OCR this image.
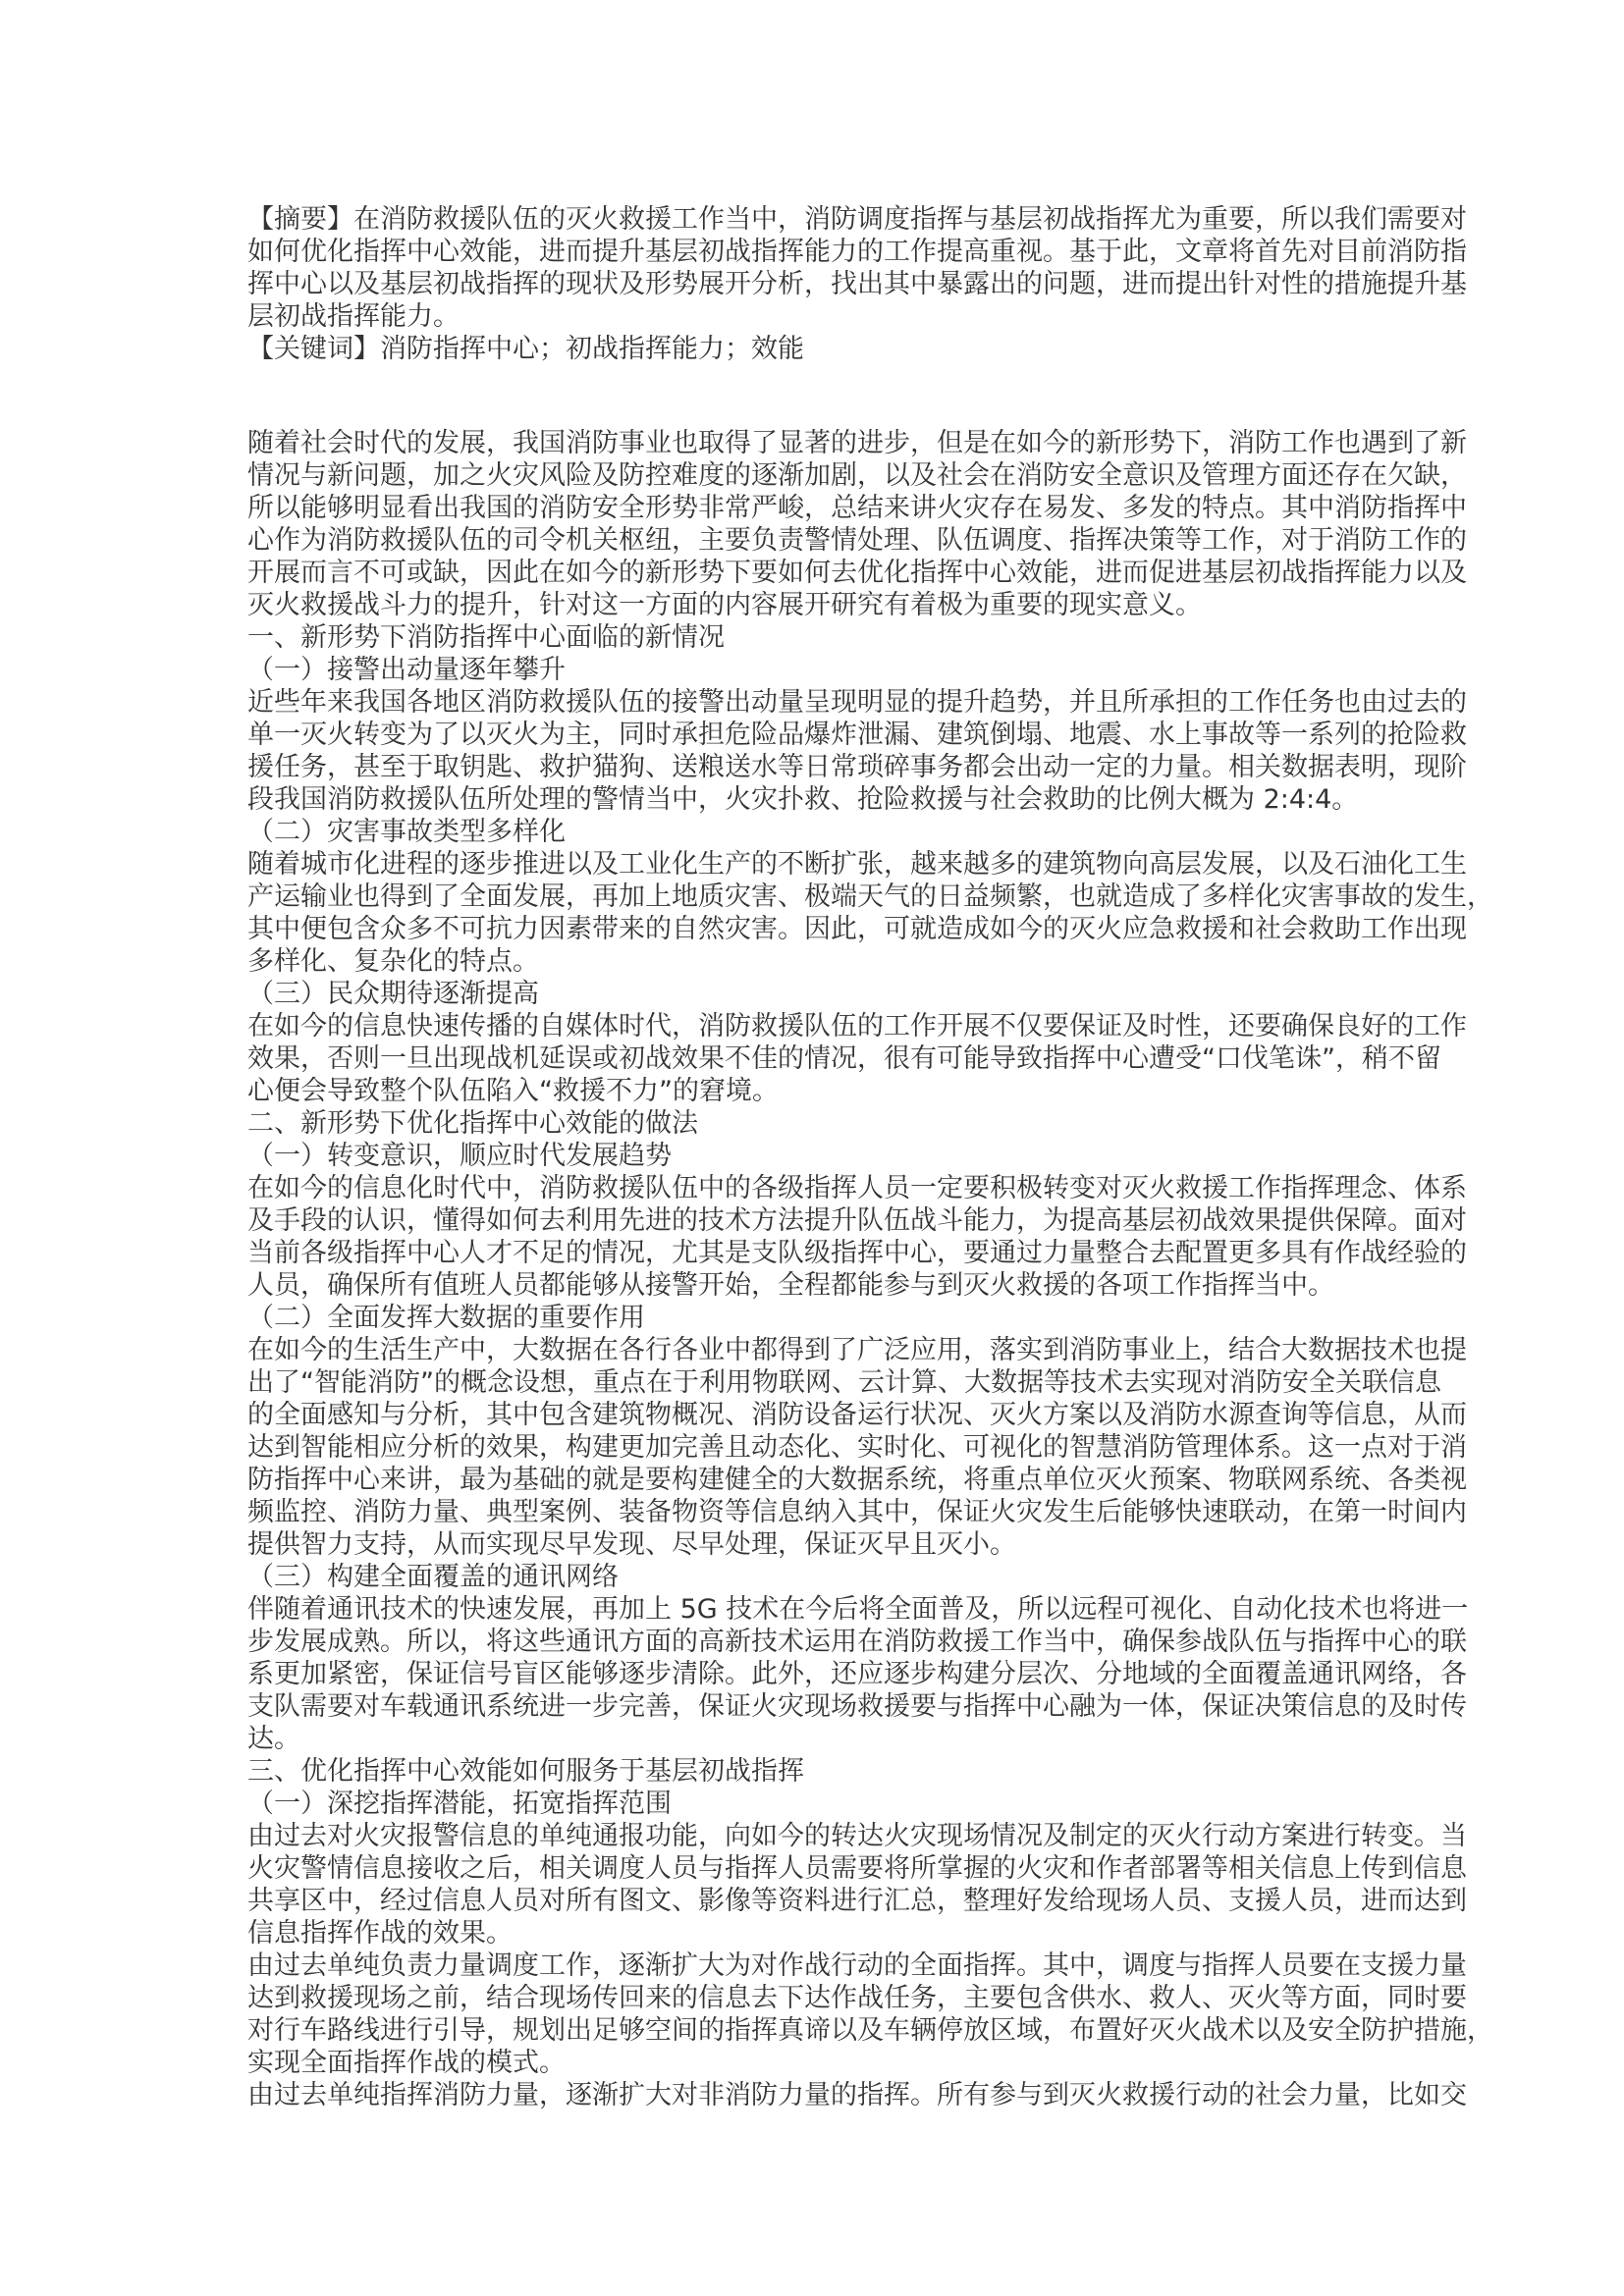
【摘要】在消防救援队伍的灭火救援工作当中，消防调度指挥与基层初战指挥尤为重要，所以我们需要对
如何优化指挥中心效能，进而提升基层初战指挥能力的工作提高重视。基于此，文章将首先对目前消防指
挥中心以及基层初战指挥的现状及形势展开分析，找出其中暴露出的问题，进而提出针对性的措施提升基
层初战指挥能力。
【关键词】消防指挥中心；初战指挥能力；效能
随着社会时代的发展，我国消防事业也取得了显著的进步，但是在如今的新形势下，消防工作也遇到了新
情况与新问题，加之火灾风险及防控难度的逐渐加剧，以及社会在消防安全意识及管理方面还存在欠缺，
所以能够明显看出我国的消防安全形势非常严峻，总结来讲火灾存在易发、多发的特点。其中消防指挥中
心作为消防救援队伍的司令机关枢纽，主要负责警情处理、队伍调度、指挥决策等工作，对于消防工作的
开展而言不可或缺，因此在如今的新形势下要如何去优化指挥中心效能，进而促进基层初战指挥能力以及
灭火救援战斗力的提升，针对这一方面的内容展开研究有着极为重要的现实意义。
一、新形势下消防指挥中心面临的新情况
（一）接警出动量逐年攀升
近些年来我国各地区消防救援队伍的接警出动量呈现明显的提升趋势，并且所承担的工作任务也由过去的
单一灭火转变为了以灭火为主，同时承担危险品爆炸泄漏、建筑倒塌、地震、水上事故等一系列的抢险救
援任务，甚至于取钥匙、救护猫狗、送粮送水等日常琐碎事务都会出动一定的力量。相关数据表明，现阶
段我国消防救援队伍所处理的警情当中，火灾扑救、抢险救援与社会救助的比例大概为 2:4:4。
（二）灾害事故类型多样化
随着城市化进程的逐步推进以及工业化生产的不断扩张，越来越多的建筑物向高层发展，以及石油化工生
产运输业也得到了全面发展，再加上地质灾害、极端天气的日益频繁，也就造成了多样化灾害事故的发生，
其中便包含众多不可抗力因素带来的自然灾害。因此，可就造成如今的灭火应急救援和社会救助工作出现
多样化、复杂化的特点。
（三）民众期待逐渐提高
在如今的信息快速传播的自媒体时代，消防救援队伍的工作开展不仅要保证及时性，还要确保良好的工作
效果，否则一旦出现战机延误或初战效果不佳的情况，很有可能导致指挥中心遭受“口伐笔诛”，稍不留
心便会导致整个队伍陷入“救援不力”的窘境。
二、新形势下优化指挥中心效能的做法
（一）转变意识，顺应时代发展趋势
在如今的信息化时代中，消防救援队伍中的各级指挥人员一定要积极转变对灭火救援工作指挥理念、体系
及手段的认识，懂得如何去利用先进的技术方法提升队伍战斗能力，为提高基层初战效果提供保障。面对
当前各级指挥中心人才不足的情况，尤其是支队级指挥中心，要通过力量整合去配置更多具有作战经验的
人员，确保所有值班人员都能够从接警开始，全程都能参与到灭火救援的各项工作指挥当中。
（二）全面发挥大数据的重要作用
在如今的生活生产中，大数据在各行各业中都得到了广泛应用，落实到消防事业上，结合大数据技术也提
出了“智能消防”的概念设想，重点在于利用物联网、云计算、大数据等技术去实现对消防安全关联信息
的全面感知与分析，其中包含建筑物概况、消防设备运行状况、灭火方案以及消防水源查询等信息，从而
达到智能相应分析的效果，构建更加完善且动态化、实时化、可视化的智慧消防管理体系。这一点对于消
防指挥中心来讲，最为基础的就是要构建健全的大数据系统，将重点单位灭火预案、物联网系统、各类视
频监控、消防力量、典型案例、装备物资等信息纳入其中，保证火灾发生后能够快速联动，在第一时间内
提供智力支持，从而实现尽早发现、尽早处理，保证灭早且灭小。
（三）构建全面覆盖的通讯网络
伴随着通讯技术的快速发展，再加上 5G 技术在今后将全面普及，所以远程可视化、自动化技术也将进一
步发展成熟。所以，将这些通讯方面的高新技术运用在消防救援工作当中，确保参战队伍与指挥中心的联
系更加紧密，保证信号盲区能够逐步清除。此外，还应逐步构建分层次、分地域的全面覆盖通讯网络，各
支队需要对车载通讯系统进一步完善，保证火灾现场救援要与指挥中心融为一体，保证决策信息的及时传
达。
三、优化指挥中心效能如何服务于基层初战指挥
（一）深挖指挥潜能，拓宽指挥范围
由过去对火灾报警信息的单纯通报功能，向如今的转达火灾现场情况及制定的灭火行动方案进行转变。当
火灾警情信息接收之后，相关调度人员与指挥人员需要将所掌握的火灾和作者部署等相关信息上传到信息
共享区中，经过信息人员对所有图文、影像等资料进行汇总，整理好发给现场人员、支援人员，进而达到
信息指挥作战的效果。
由过去单纯负责力量调度工作，逐渐扩大为对作战行动的全面指挥。其中，调度与指挥人员要在支援力量
达到救援现场之前，结合现场传回来的信息去下达作战任务，主要包含供水、救人、灭火等方面，同时要
对行车路线进行引导，规划出足够空间的指挥真谛以及车辆停放区域，布置好灭火战术以及安全防护措施，
实现全面指挥作战的模式。
由过去单纯指挥消防力量，逐渐扩大对非消防力量的指挥。所有参与到灭火救援行动的社会力量，比如交
